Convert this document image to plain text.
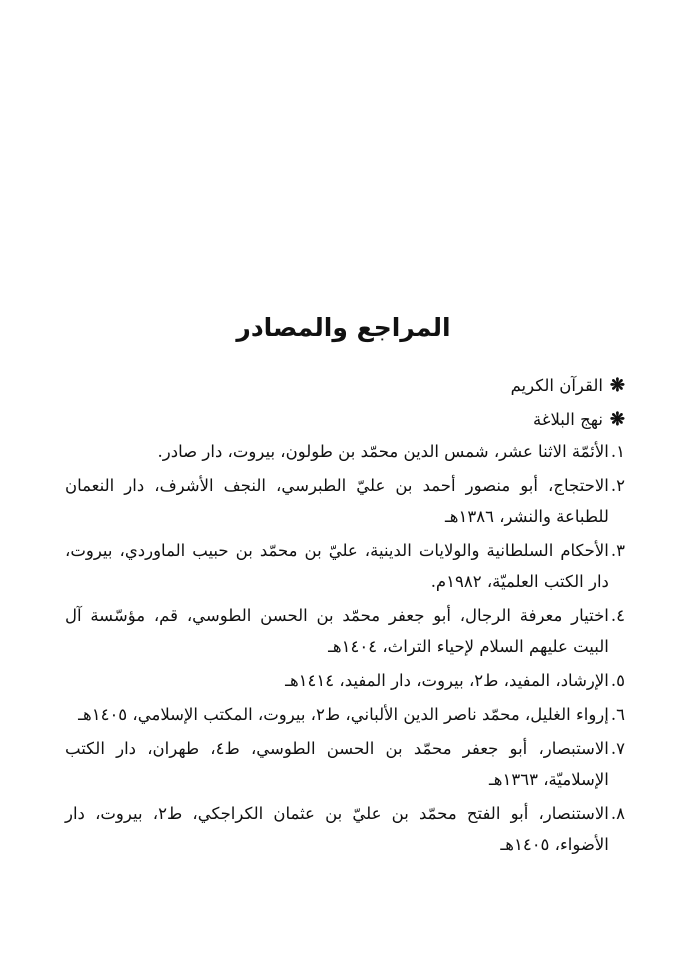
المراجع والمصادر
❋
القرآن الكريم
❋
نهج البلاغة
١.
الأئمّة الاثنا عشر، شمس الدين محمّد بن طولون، بيروت، دار صادر.
٢.
الاحتجاج، أبو منصور أحمد بن عليّ الطبرسي، النجف الأشرف، دار النعمان للطباعة والنشر، ١٣٨٦هـ
٣.
الأحكام السلطانية والولايات الدينية، عليّ بن محمّد بن حبيب الماوردي، بيروت، دار الكتب العلميّة، ١٩٨٢م.
٤.
اختيار معرفة الرجال، أبو جعفر محمّد بن الحسن الطوسي، قم، مؤسّسة آل البيت عليهم السلام لإحياء التراث، ١٤٠٤هـ
٥.
الإرشاد، المفيد، ط٢، بيروت، دار المفيد، ١٤١٤هـ
٦.
إرواء الغليل، محمّد ناصر الدين الألباني، ط٢، بيروت، المكتب الإسلامي، ١٤٠٥هـ
٧.
الاستبصار، أبو جعفر محمّد بن الحسن الطوسي، ط٤، طهران، دار الكتب الإسلاميّة، ١٣٦٣هـ
٨.
الاستنصار، أبو الفتح محمّد بن عليّ بن عثمان الكراجكي، ط٢، بيروت، دار الأضواء، ١٤٠٥هـ
